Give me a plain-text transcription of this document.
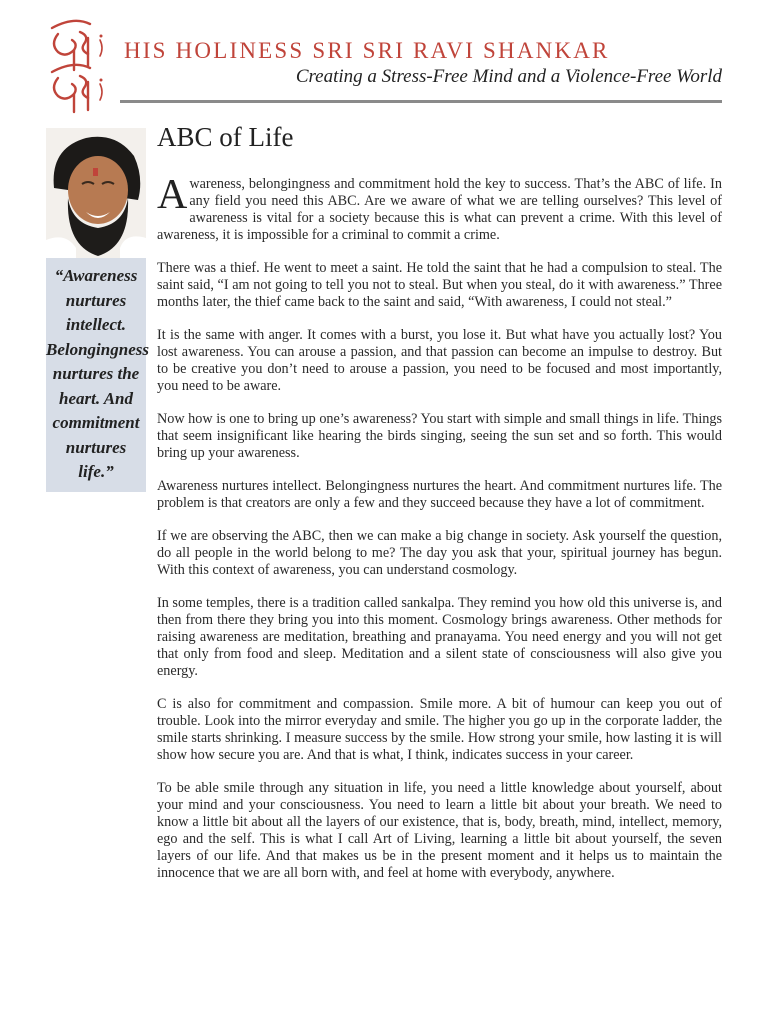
HIS HOLINESS SRI SRI RAVI SHANKAR
Creating a Stress-Free Mind and a Violence-Free World
“Awareness nurtures intellect. Belongingness nurtures the heart. And commitment nurtures life.”
ABC of Life

Awareness, belongingness and commitment hold the key to success. That’s the ABC of life. In any field you need this ABC. Are we aware of what we are telling ourselves? This level of awareness is vital for a society because this is what can prevent a crime. With this level of awareness, it is impossible for a criminal to commit a crime.

There was a thief. He went to meet a saint. He told the saint that he had a compulsion to steal. The saint said, “I am not going to tell you not to steal. But when you steal, do it with awareness.” Three months later, the thief came back to the saint and said, “With awareness, I could not steal.”

It is the same with anger. It comes with a burst, you lose it. But what have you actually lost? You lost awareness. You can arouse a passion, and that passion can become an impulse to destroy. But to be creative you don’t need to arouse a passion, you need to be focused and most importantly, you need to be aware.

Now how is one to bring up one’s awareness? You start with simple and small things in life. Things that seem insignificant like hearing the birds singing, seeing the sun set and so forth. This would bring up your awareness.

Awareness nurtures intellect. Belongingness nurtures the heart. And commitment nurtures life. The problem is that creators are only a few and they succeed because they have a lot of commitment.

If we are observing the ABC, then we can make a big change in society. Ask yourself the question, do all people in the world belong to me? The day you ask that your, spiritual journey has begun. With this context of awareness, you can understand cosmology.

In some temples, there is a tradition called sankalpa. They remind you how old this universe is, and then from there they bring you into this moment. Cosmology brings awareness. Other methods for raising awareness are meditation, breathing and pranayama. You need energy and you will not get that only from food and sleep. Meditation and a silent state of consciousness will also give you energy.

C is also for commitment and compassion. Smile more. A bit of humour can keep you out of trouble. Look into the mirror everyday and smile. The higher you go up in the corporate ladder, the smile starts shrinking. I measure success by the smile. How strong your smile, how lasting it is will show how secure you are. And that is what, I think, indicates success in your career.

To be able smile through any situation in life, you need a little knowledge about yourself, about your mind and your consciousness. You need to learn a little bit about your breath. We need to know a little bit about all the layers of our existence, that is, body, breath, mind, intellect, memory, ego and the self. This is what I call Art of Living, learning a little bit about yourself, the seven layers of our life. And that makes us be in the present moment and it helps us to maintain the innocence that we are all born with, and feel at home with everybody, anywhere.
